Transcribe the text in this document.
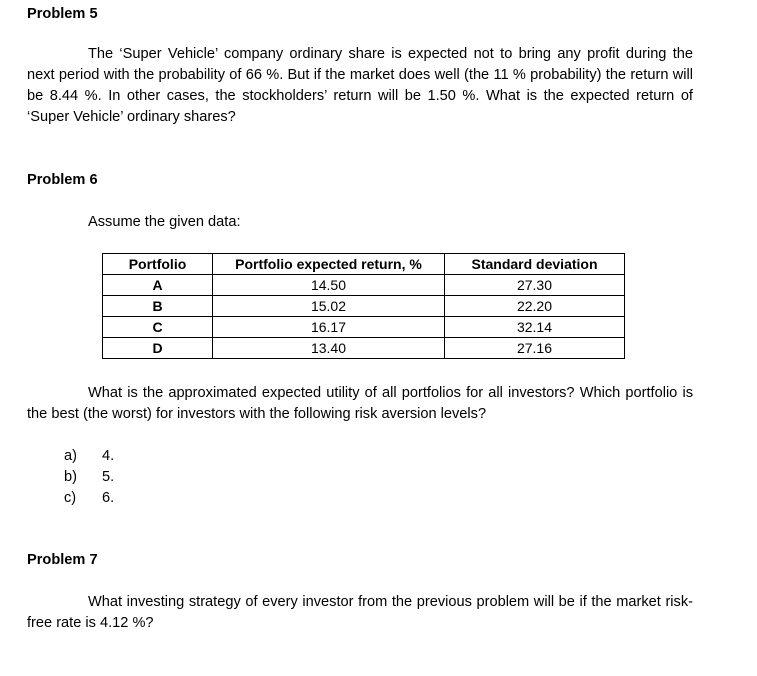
Problem 5
The ‘Super Vehicle’ company ordinary share is expected not to bring any profit during the next period with the probability of 66 %. But if the market does well (the 11 % probability) the return will be 8.44 %. In other cases, the stockholders’ return will be 1.50 %. What is the expected return of ‘Super Vehicle’ ordinary shares?
Problem 6
Assume the given data:
Portfolio	Portfolio expected return, %	Standard deviation
A	14.50	27.30
B	15.02	22.20
C	16.17	32.14
D	13.40	27.16
What is the approximated expected utility of all portfolios for all investors? Which portfolio is the best (the worst) for investors with the following risk aversion levels?
a) 4.
b) 5.
c) 6.
Problem 7
What investing strategy of every investor from the previous problem will be if the market risk-free rate is 4.12 %?
